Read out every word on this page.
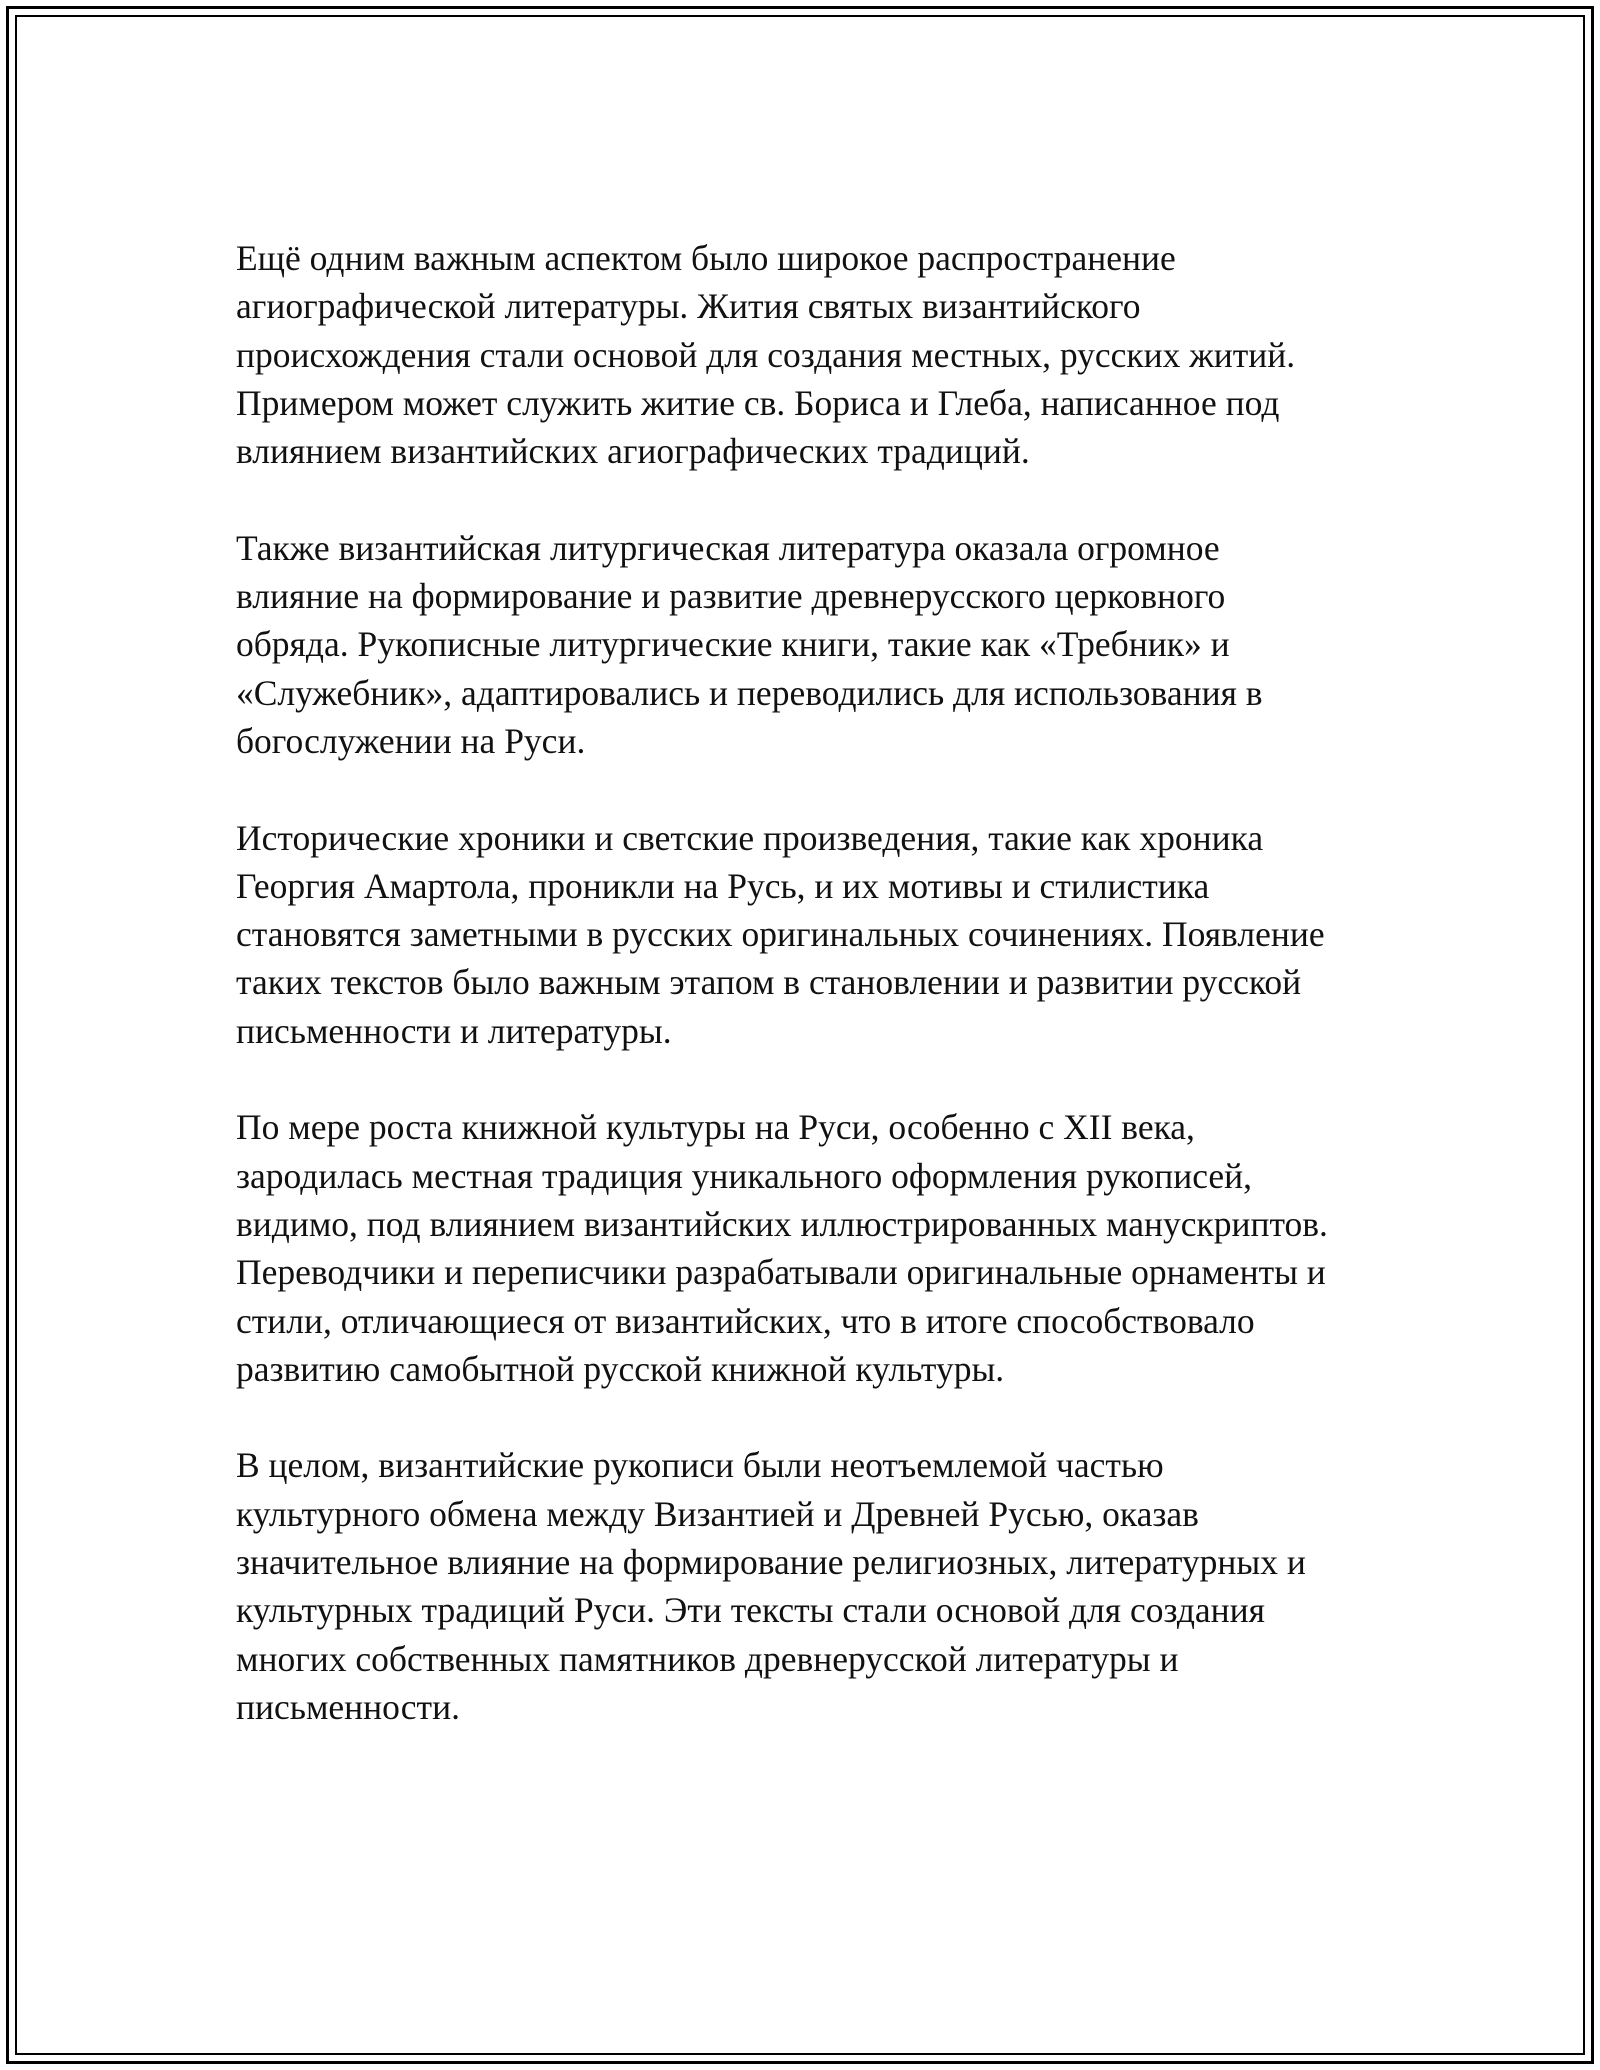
Ещё одним важным аспектом было широкое распространение
агиографической литературы. Жития святых византийского
происхождения стали основой для создания местных, русских житий.
Примером может служить житие св. Бориса и Глеба, написанное под
влиянием византийских агиографических традиций.

Также византийская литургическая литература оказала огромное
влияние на формирование и развитие древнерусского церковного
обряда. Рукописные литургические книги, такие как «Требник» и
«Служебник», адаптировались и переводились для использования в
богослужении на Руси.

Исторические хроники и светские произведения, такие как хроника
Георгия Амартола, проникли на Русь, и их мотивы и стилистика
становятся заметными в русских оригинальных сочинениях. Появление
таких текстов было важным этапом в становлении и развитии русской
письменности и литературы.

По мере роста книжной культуры на Руси, особенно с XII века,
зародилась местная традиция уникального оформления рукописей,
видимо, под влиянием византийских иллюстрированных манускриптов.
Переводчики и переписчики разрабатывали оригинальные орнаменты и
стили, отличающиеся от византийских, что в итоге способствовало
развитию самобытной русской книжной культуры.

В целом, византийские рукописи были неотъемлемой частью
культурного обмена между Византией и Древней Русью, оказав
значительное влияние на формирование религиозных, литературных и
культурных традиций Руси. Эти тексты стали основой для создания
многих собственных памятников древнерусской литературы и
письменности.
